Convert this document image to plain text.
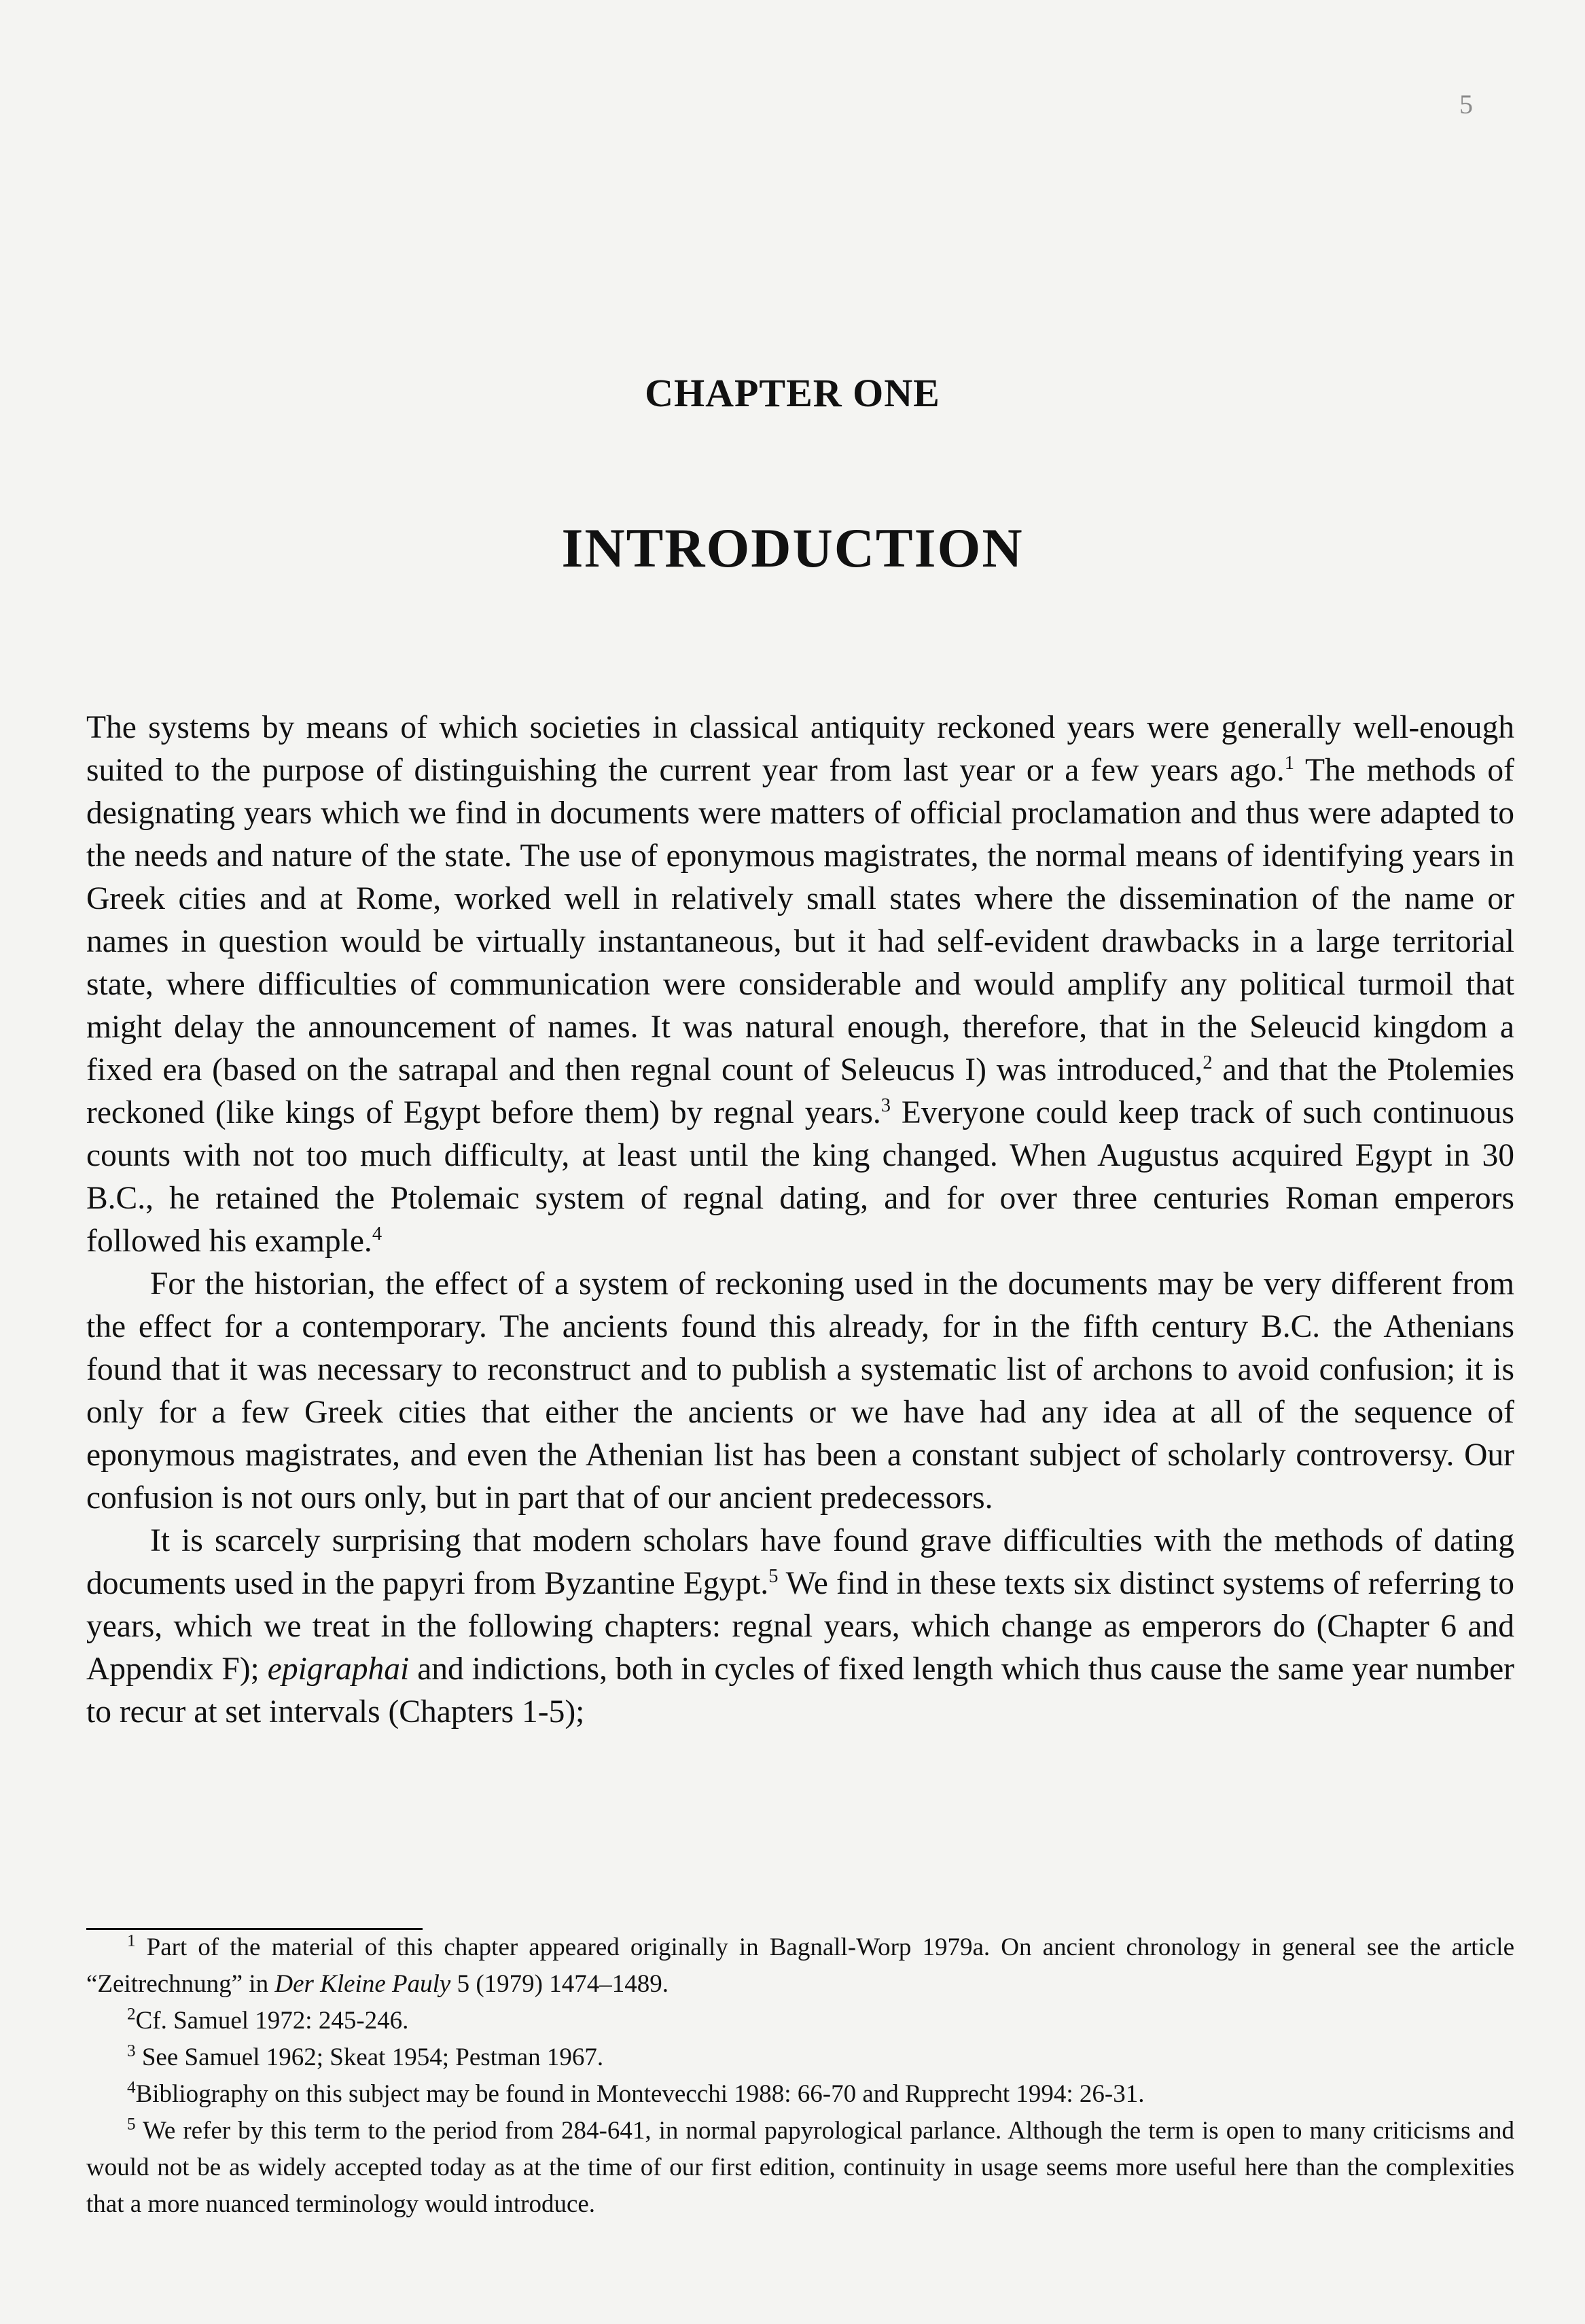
5
CHAPTER ONE
INTRODUCTION

The systems by means of which societies in classical antiquity reckoned years were generally well-enough suited to the purpose of distinguishing the current year from last year or a few years ago.$^1$ The methods of designating years which we find in documents were matters of official proclamation and thus were adapted to the needs and nature of the state. The use of eponymous magistrates, the normal means of identifying years in Greek cities and at Rome, worked well in relatively small states where the dissemination of the name or names in question would be virtually instantaneous, but it had self-evident drawbacks in a large territorial state, where difficulties of communication were considerable and would amplify any political turmoil that might delay the announcement of names. It was natural enough, therefore, that in the Seleucid kingdom a fixed era (based on the satrapal and then regnal count of Seleucus I) was introduced,$^2$ and that the Ptolemies reckoned (like kings of Egypt before them) by regnal years.$^3$ Everyone could keep track of such continuous counts with not too much difficulty, at least until the king changed. When Augustus acquired Egypt in 30 B.C., he retained the Ptolemaic system of regnal dating, and for over three centuries Roman emperors followed his example.$^4$

For the historian, the effect of a system of reckoning used in the documents may be very different from the effect for a contemporary. The ancients found this already, for in the fifth century B.C. the Athenians found that it was necessary to reconstruct and to publish a systematic list of archons to avoid confusion; it is only for a few Greek cities that either the ancients or we have had any idea at all of the sequence of eponymous magistrates, and even the Athenian list has been a constant subject of scholarly controversy. Our confusion is not ours only, but in part that of our ancient predecessors.

It is scarcely surprising that modern scholars have found grave difficulties with the methods of dating documents used in the papyri from Byzantine Egypt.$^5$ We find in these texts six distinct systems of referring to years, which we treat in the following chapters: regnal years, which change as emperors do (Chapter 6 and Appendix F); epigraphai and indictions, both in cycles of fixed length which thus cause the same year number to recur at set intervals (Chapters 1-5);

$^1$ Part of the material of this chapter appeared originally in Bagnall-Worp 1979a. On ancient chronology in general see the article “Zeitrechnung” in Der Kleine Pauly 5 (1979) 1474–1489.

$^2$Cf. Samuel 1972: 245-246.

$^3$ See Samuel 1962; Skeat 1954; Pestman 1967.

$^4$Bibliography on this subject may be found in Montevecchi 1988: 66-70 and Rupprecht 1994: 26-31.

$^5$ We refer by this term to the period from 284-641, in normal papyrological parlance. Although the term is open to many criticisms and would not be as widely accepted today as at the time of our first edition, continuity in usage seems more useful here than the complexities that a more nuanced terminology would introduce.
